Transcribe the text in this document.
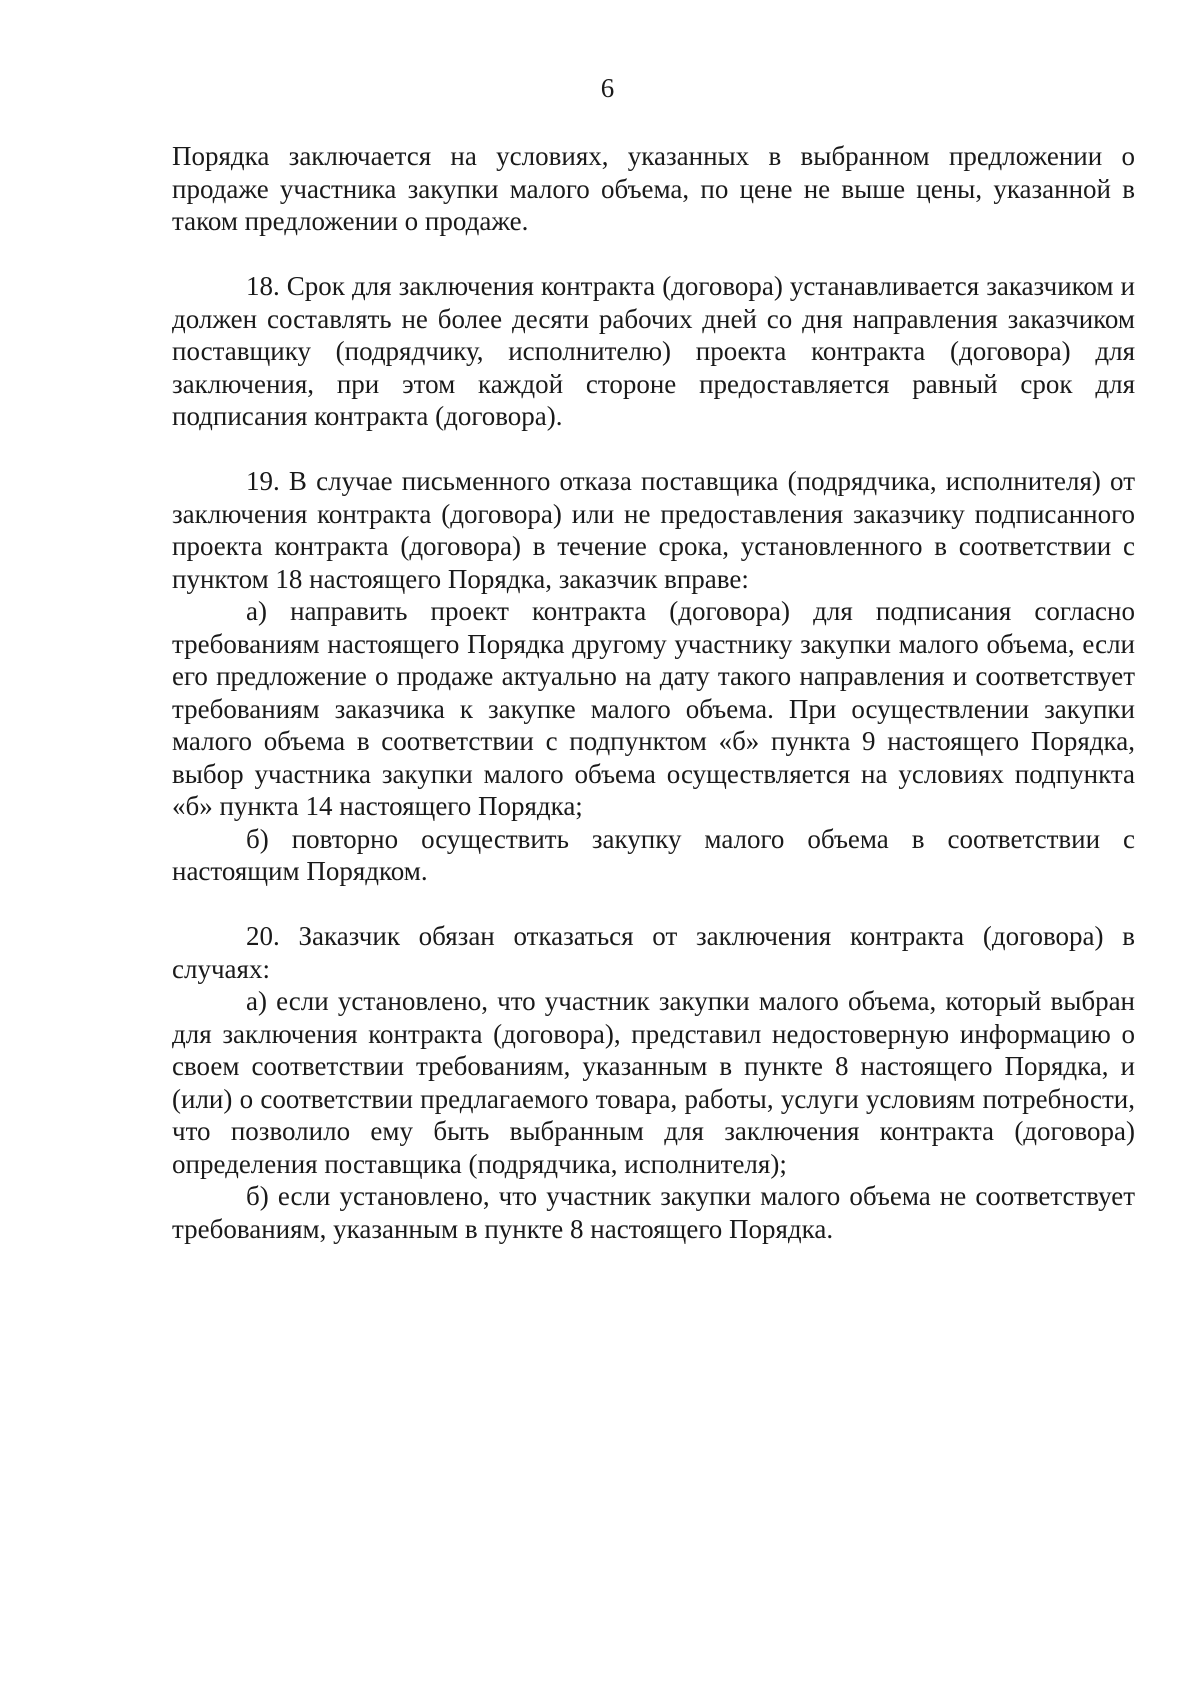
6

Порядка заключается на условиях, указанных в выбранном предложении о продаже участника закупки малого объема, по цене не выше цены, указанной в таком предложении о продаже.

18. Срок для заключения контракта (договора) устанавливается заказчиком и должен составлять не более десяти рабочих дней со дня направления заказчиком поставщику (подрядчику, исполнителю) проекта контракта (договора) для заключения, при этом каждой стороне предоставляется равный срок для подписания контракта (договора).

19. В случае письменного отказа поставщика (подрядчика, исполнителя) от заключения контракта (договора) или не предоставления заказчику подписанного проекта контракта (договора) в течение срока, установленного в соответствии с пунктом 18 настоящего Порядка, заказчик вправе:

а) направить проект контракта (договора) для подписания согласно требованиям настоящего Порядка другому участнику закупки малого объема, если его предложение о продаже актуально на дату такого направления и соответствует требованиям заказчика к закупке малого объема. При осуществлении закупки малого объема в соответствии с подпунктом «б» пункта 9 настоящего Порядка, выбор участника закупки малого объема осуществляется на условиях подпункта «б» пункта 14 настоящего Порядка;

б) повторно осуществить закупку малого объема в соответствии с настоящим Порядком.

20. Заказчик обязан отказаться от заключения контракта (договора) в случаях:

а) если установлено, что участник закупки малого объема, который выбран для заключения контракта (договора), представил недостоверную информацию о своем соответствии требованиям, указанным в пункте 8 настоящего Порядка, и (или) о соответствии предлагаемого товара, работы, услуги условиям потребности, что позволило ему быть выбранным для заключения контракта (договора) определения поставщика (подрядчика, исполнителя);

б) если установлено, что участник закупки малого объема не соответствует требованиям, указанным в пункте 8 настоящего Порядка.
